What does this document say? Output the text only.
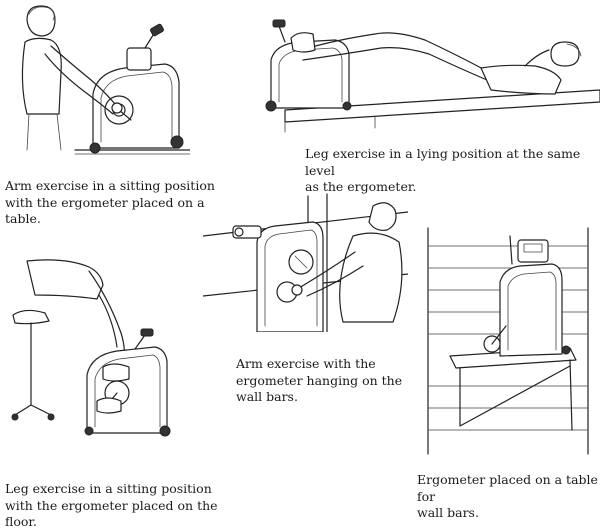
Arm exercise in a sitting position
with the ergometer placed on a
table.

Leg exercise in a lying position at the same level
as the ergometer.

Leg exercise in a sitting position
with the ergometer placed on the
floor.

Arm exercise with the
ergometer hanging on the
wall bars.

Ergometer placed on a table for
wall bars.
